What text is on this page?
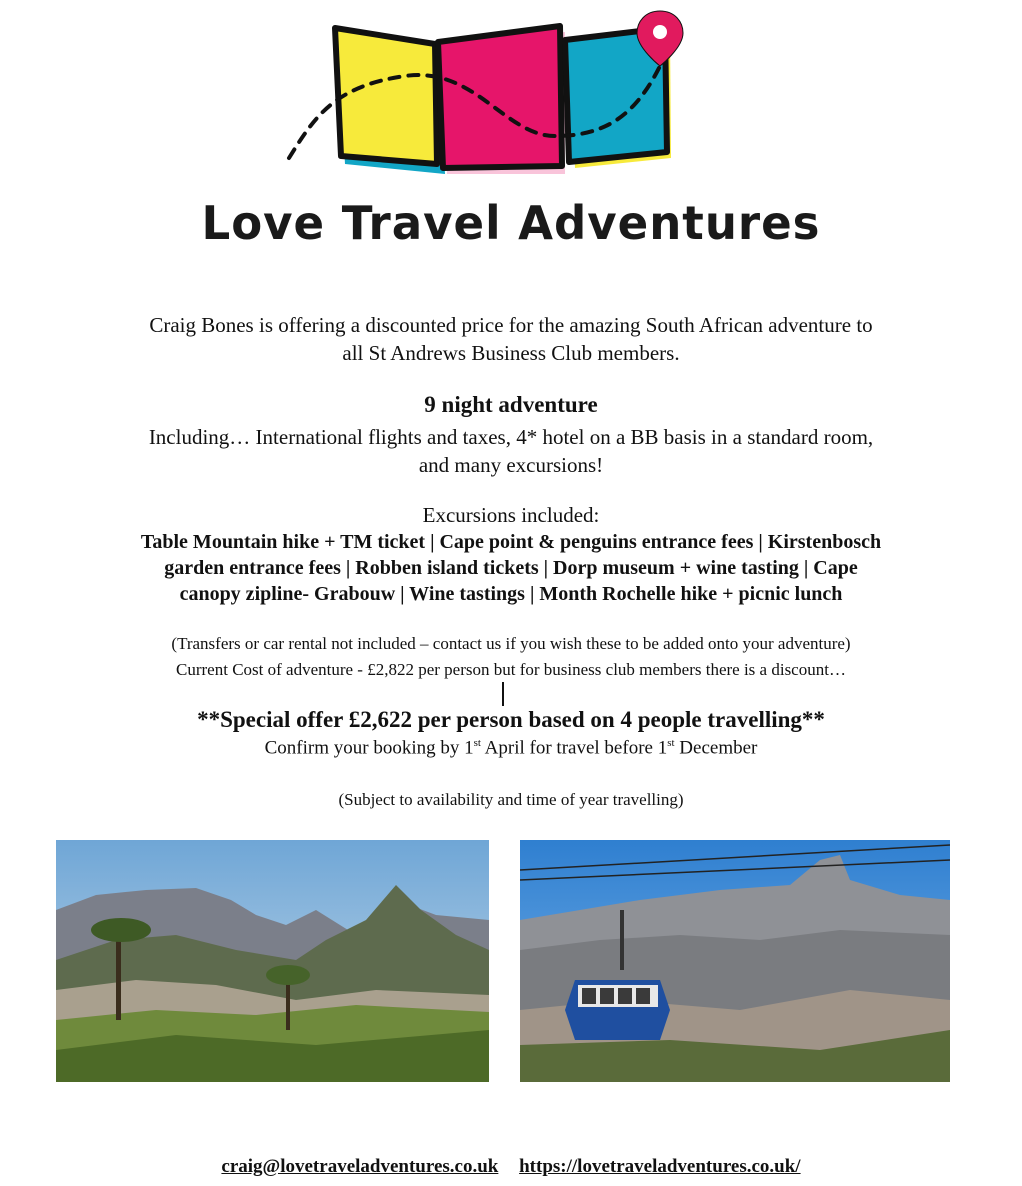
Love Travel Adventures
Craig Bones is offering a discounted price for the amazing South African adventure to
all St Andrews Business Club members.
9 night adventure
Including… International flights and taxes, 4* hotel on a BB basis in a standard room,
and many excursions!
Excursions included:
Table Mountain hike + TM ticket | Cape point & penguins entrance fees | Kirstenbosch
garden entrance fees | Robben island tickets | Dorp museum + wine tasting | Cape
canopy zipline- Grabouw | Wine tastings | Month Rochelle hike + picnic lunch
(Transfers or car rental not included – contact us if you wish these to be added onto your adventure)
Current Cost of adventure - £2,822 per person but for business club members there is a discount…
**Special offer £2,622 per person based on 4 people travelling**
Confirm your booking by 1st April for travel before 1st December
(Subject to availability and time of year travelling)
craig@lovetraveladventures.co.uk https://lovetraveladventures.co.uk/
